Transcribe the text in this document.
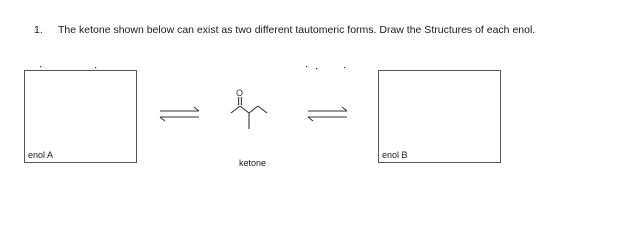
1. The ketone shown below can exist as two different tautomeric forms. Draw the Structures of each enol.
enol A	enol B
O
ketone
